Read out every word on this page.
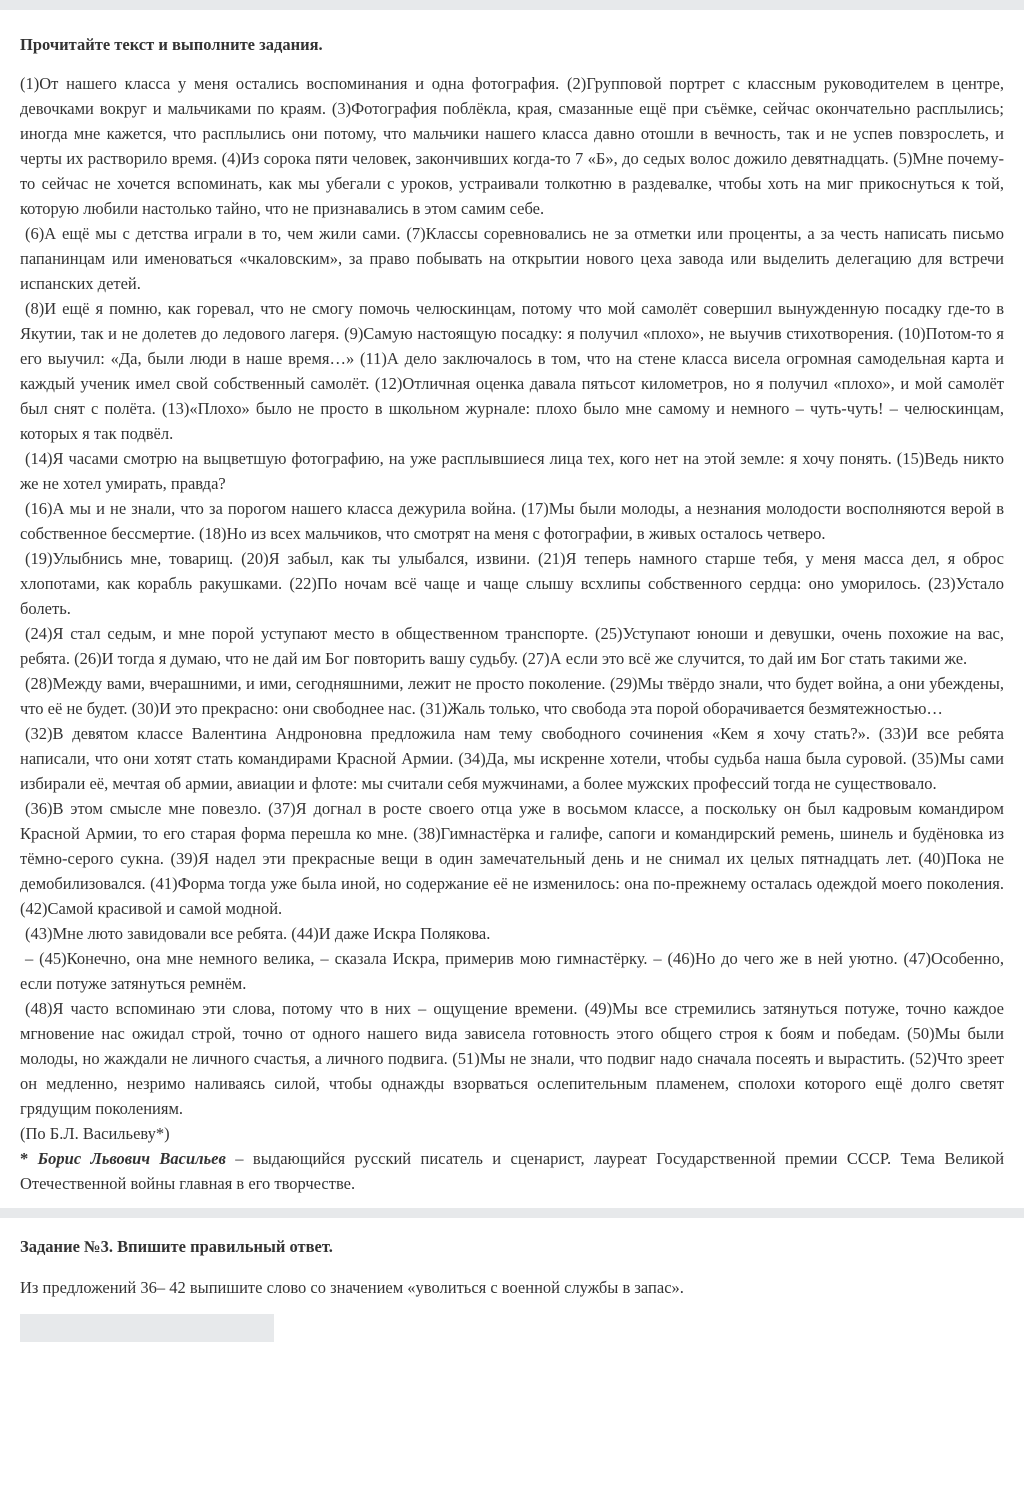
Прочитайте текст и выполните задания.

(1)От нашего класса у меня остались воспоминания и одна фотография. (2)Групповой портрет с классным руководителем в центре, девочками вокруг и мальчиками по краям. (3)Фотография поблёкла, края, смазанные ещё при съёмке, сейчас окончательно расплылись; иногда мне кажется, что расплылись они потому, что мальчики нашего класса давно отошли в вечность, так и не успев повзрослеть, и черты их растворило время. (4)Из сорока пяти человек, закончивших когда-то 7 «Б», до седых волос дожило девятнадцать. (5)Мне почему-то сейчас не хочется вспоминать, как мы убегали с уроков, устраивали толкотню в раздевалке, чтобы хоть на миг прикоснуться к той, которую любили настолько тайно, что не признавались в этом самим себе.

(6)А ещё мы с детства играли в то, чем жили сами. (7)Классы соревновались не за отметки или проценты, а за честь написать письмо папанинцам или именоваться «чкаловским», за право побывать на открытии нового цеха завода или выделить делегацию для встречи испанских детей.

(8)И ещё я помню, как горевал, что не смогу помочь челюскинцам, потому что мой самолёт совершил вынужденную посадку где-то в Якутии, так и не долетев до ледового лагеря. (9)Самую настоящую посадку: я получил «плохо», не выучив стихотворения. (10)Потом-то я его выучил: «Да, были люди в наше время…» (11)А дело заключалось в том, что на стене класса висела огромная самодельная карта и каждый ученик имел свой собственный самолёт. (12)Отличная оценка давала пятьсот километров, но я получил «плохо», и мой самолёт был снят с полёта. (13)«Плохо» было не просто в школьном журнале: плохо было мне самому и немного – чуть-чуть! – челюскинцам, которых я так подвёл.

(14)Я часами смотрю на выцветшую фотографию, на уже расплывшиеся лица тех, кого нет на этой земле: я хочу понять. (15)Ведь никто же не хотел умирать, правда?

(16)А мы и не знали, что за порогом нашего класса дежурила война. (17)Мы были молоды, а незнания молодости восполняются верой в собственное бессмертие. (18)Но из всех мальчиков, что смотрят на меня с фотографии, в живых осталось четверо.

(19)Улыбнись мне, товарищ. (20)Я забыл, как ты улыбался, извини. (21)Я теперь намного старше тебя, у меня масса дел, я оброс хлопотами, как корабль ракушками. (22)По ночам всё чаще и чаще слышу всхлипы собственного сердца: оно уморилось. (23)Устало болеть.

(24)Я стал седым, и мне порой уступают место в общественном транспорте. (25)Уступают юноши и девушки, очень похожие на вас, ребята. (26)И тогда я думаю, что не дай им Бог повторить вашу судьбу. (27)А если это всё же случится, то дай им Бог стать такими же.

(28)Между вами, вчерашними, и ими, сегодняшними, лежит не просто поколение. (29)Мы твёрдо знали, что будет война, а они убеждены, что её не будет. (30)И это прекрасно: они свободнее нас. (31)Жаль только, что свобода эта порой оборачивается безмятежностью…

(32)В девятом классе Валентина Андроновна предложила нам тему свободного сочинения «Кем я хочу стать?». (33)И все ребята написали, что они хотят стать командирами Красной Армии. (34)Да, мы искренне хотели, чтобы судьба наша была суровой. (35)Мы сами избирали её, мечтая об армии, авиации и флоте: мы считали себя мужчинами, а более мужских профессий тогда не существовало.

(36)В этом смысле мне повезло. (37)Я догнал в росте своего отца уже в восьмом классе, а поскольку он был кадровым командиром Красной Армии, то его старая форма перешла ко мне. (38)Гимнастёрка и галифе, сапоги и командирский ремень, шинель и будёновка из тёмно-серого сукна. (39)Я надел эти прекрасные вещи в один замечательный день и не снимал их целых пятнадцать лет. (40)Пока не демобилизовался. (41)Форма тогда уже была иной, но содержание её не изменилось: она по-прежнему осталась одеждой моего поколения. (42)Самой красивой и самой модной.

(43)Мне люто завидовали все ребята. (44)И даже Искра Полякова.

– (45)Конечно, она мне немного велика, – сказала Искра, примерив мою гимнастёрку. – (46)Но до чего же в ней уютно. (47)Особенно, если потуже затянуться ремнём.

(48)Я часто вспоминаю эти слова, потому что в них – ощущение времени. (49)Мы все стремились затянуться потуже, точно каждое мгновение нас ожидал строй, точно от одного нашего вида зависела готовность этого общего строя к боям и победам. (50)Мы были молоды, но жаждали не личного счастья, а личного подвига. (51)Мы не знали, что подвиг надо сначала посеять и вырастить. (52)Что зреет он медленно, незримо наливаясь силой, чтобы однажды взорваться ослепительным пламенем, сполохи которого ещё долго светят грядущим поколениям.

(По Б.Л. Васильеву*)

* Борис Львович Васильев – выдающийся русский писатель и сценарист, лауреат Государственной премии СССР. Тема Великой Отечественной войны главная в его творчестве.

Задание №3. Впишите правильный ответ.
Из предложений 36– 42 выпишите слово со значением «уволиться с военной службы в запас».
